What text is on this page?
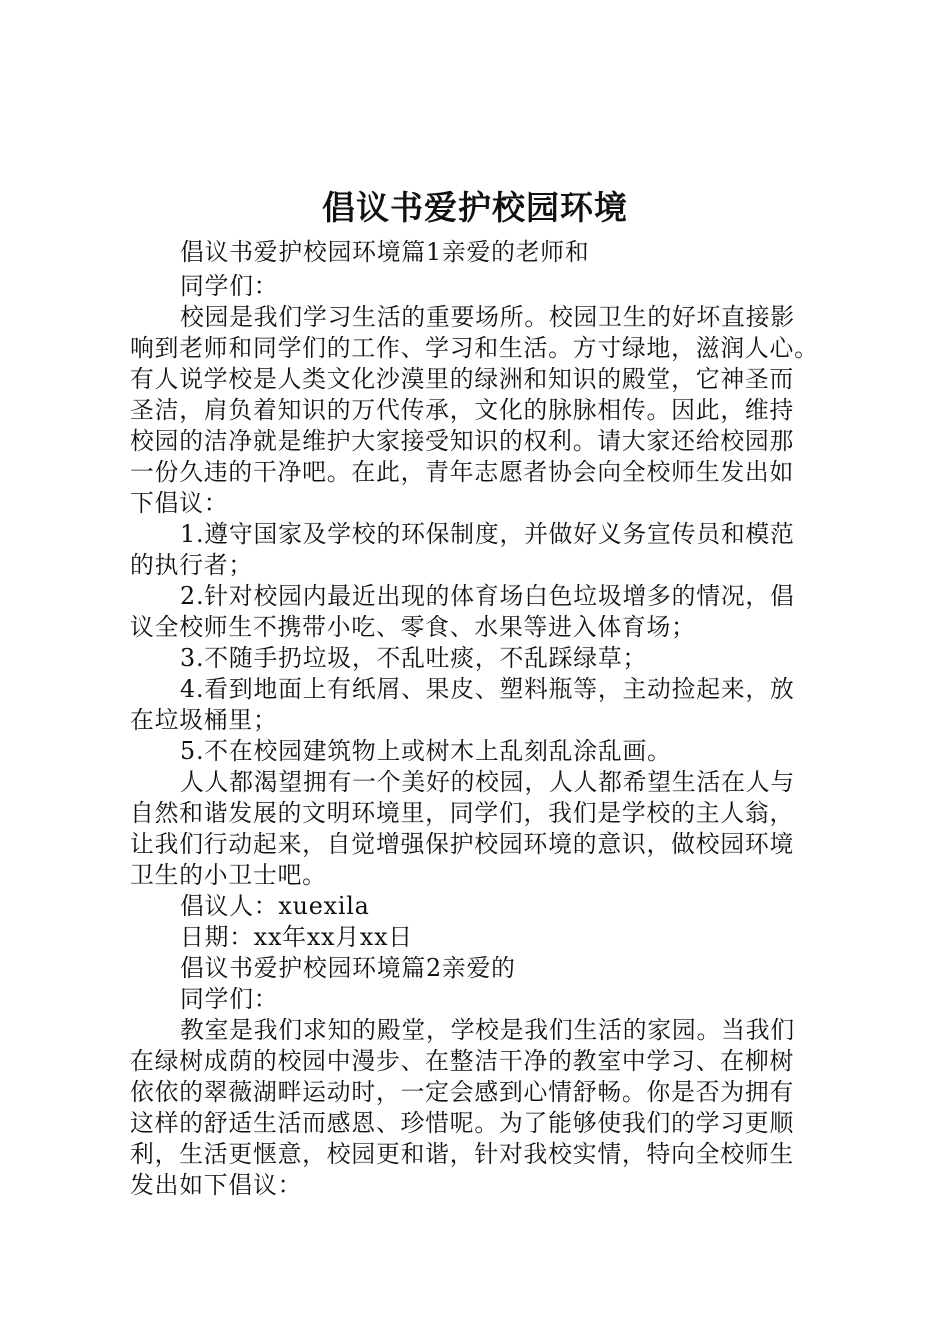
倡议书爱护校园环境
倡议书爱护校园环境篇1亲爱的老师和
同学们：
校园是我们学习生活的重要场所。校园卫生的好坏直接影
响到老师和同学们的工作、学习和生活。方寸绿地，滋润人心。
有人说学校是人类文化沙漠里的绿洲和知识的殿堂，它神圣而
圣洁，肩负着知识的万代传承，文化的脉脉相传。因此，维持
校园的洁净就是维护大家接受知识的权利。请大家还给校园那
一份久违的干净吧。在此，青年志愿者协会向全校师生发出如
下倡议：
1.遵守国家及学校的环保制度，并做好义务宣传员和模范
的执行者；
2.针对校园内最近出现的体育场白色垃圾增多的情况，倡
议全校师生不携带小吃、零食、水果等进入体育场；
3.不随手扔垃圾，不乱吐痰，不乱踩绿草；
4.看到地面上有纸屑、果皮、塑料瓶等，主动捡起来，放
在垃圾桶里；
5.不在校园建筑物上或树木上乱刻乱涂乱画。
人人都渴望拥有一个美好的校园，人人都希望生活在人与
自然和谐发展的文明环境里，同学们，我们是学校的主人翁，
让我们行动起来，自觉增强保护校园环境的意识，做校园环境
卫生的小卫士吧。
倡议人：xuexila
日期：xx年xx月xx日
倡议书爱护校园环境篇2亲爱的
同学们：
教室是我们求知的殿堂，学校是我们生活的家园。当我们
在绿树成荫的校园中漫步、在整洁干净的教室中学习、在柳树
依依的翠薇湖畔运动时，一定会感到心情舒畅。你是否为拥有
这样的舒适生活而感恩、珍惜呢。为了能够使我们的学习更顺
利，生活更惬意，校园更和谐，针对我校实情，特向全校师生
发出如下倡议：
